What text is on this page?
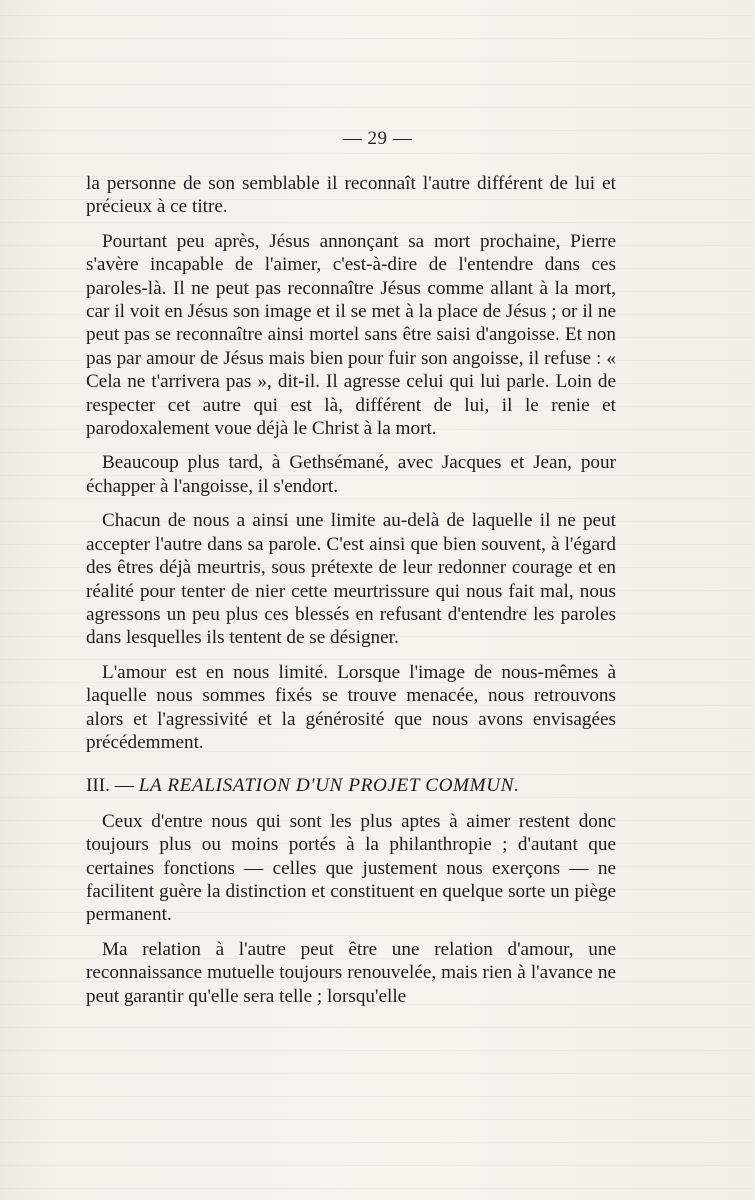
— 29 —

la personne de son semblable il reconnaît l'autre différent de lui et précieux à ce titre.

Pourtant peu après, Jésus annonçant sa mort prochaine, Pierre s'avère incapable de l'aimer, c'est-à-dire de l'entendre dans ces paroles-là. Il ne peut pas reconnaître Jésus comme allant à la mort, car il voit en Jésus son image et il se met à la place de Jésus ; or il ne peut pas se reconnaître ainsi mortel sans être saisi d'angoisse. Et non pas par amour de Jésus mais bien pour fuir son angoisse, il refuse : « Cela ne t'arrivera pas », dit-il. Il agresse celui qui lui parle. Loin de respecter cet autre qui est là, différent de lui, il le renie et parodoxalement voue déjà le Christ à la mort.

Beaucoup plus tard, à Gethsémané, avec Jacques et Jean, pour échapper à l'angoisse, il s'endort.

Chacun de nous a ainsi une limite au-delà de laquelle il ne peut accepter l'autre dans sa parole. C'est ainsi que bien souvent, à l'égard des êtres déjà meurtris, sous prétexte de leur redonner courage et en réalité pour tenter de nier cette meurtrissure qui nous fait mal, nous agressons un peu plus ces blessés en refusant d'entendre les paroles dans lesquelles ils tentent de se désigner.

L'amour est en nous limité. Lorsque l'image de nous-mêmes à laquelle nous sommes fixés se trouve menacée, nous retrouvons alors et l'agressivité et la générosité que nous avons envisagées précédemment.

III. — LA REALISATION D'UN PROJET COMMUN.

Ceux d'entre nous qui sont les plus aptes à aimer restent donc toujours plus ou moins portés à la philanthropie ; d'autant que certaines fonctions — celles que justement nous exerçons — ne facilitent guère la distinction et constituent en quelque sorte un piège permanent.

Ma relation à l'autre peut être une relation d'amour, une reconnaissance mutuelle toujours renouvelée, mais rien à l'avance ne peut garantir qu'elle sera telle ; lorsqu'elle
